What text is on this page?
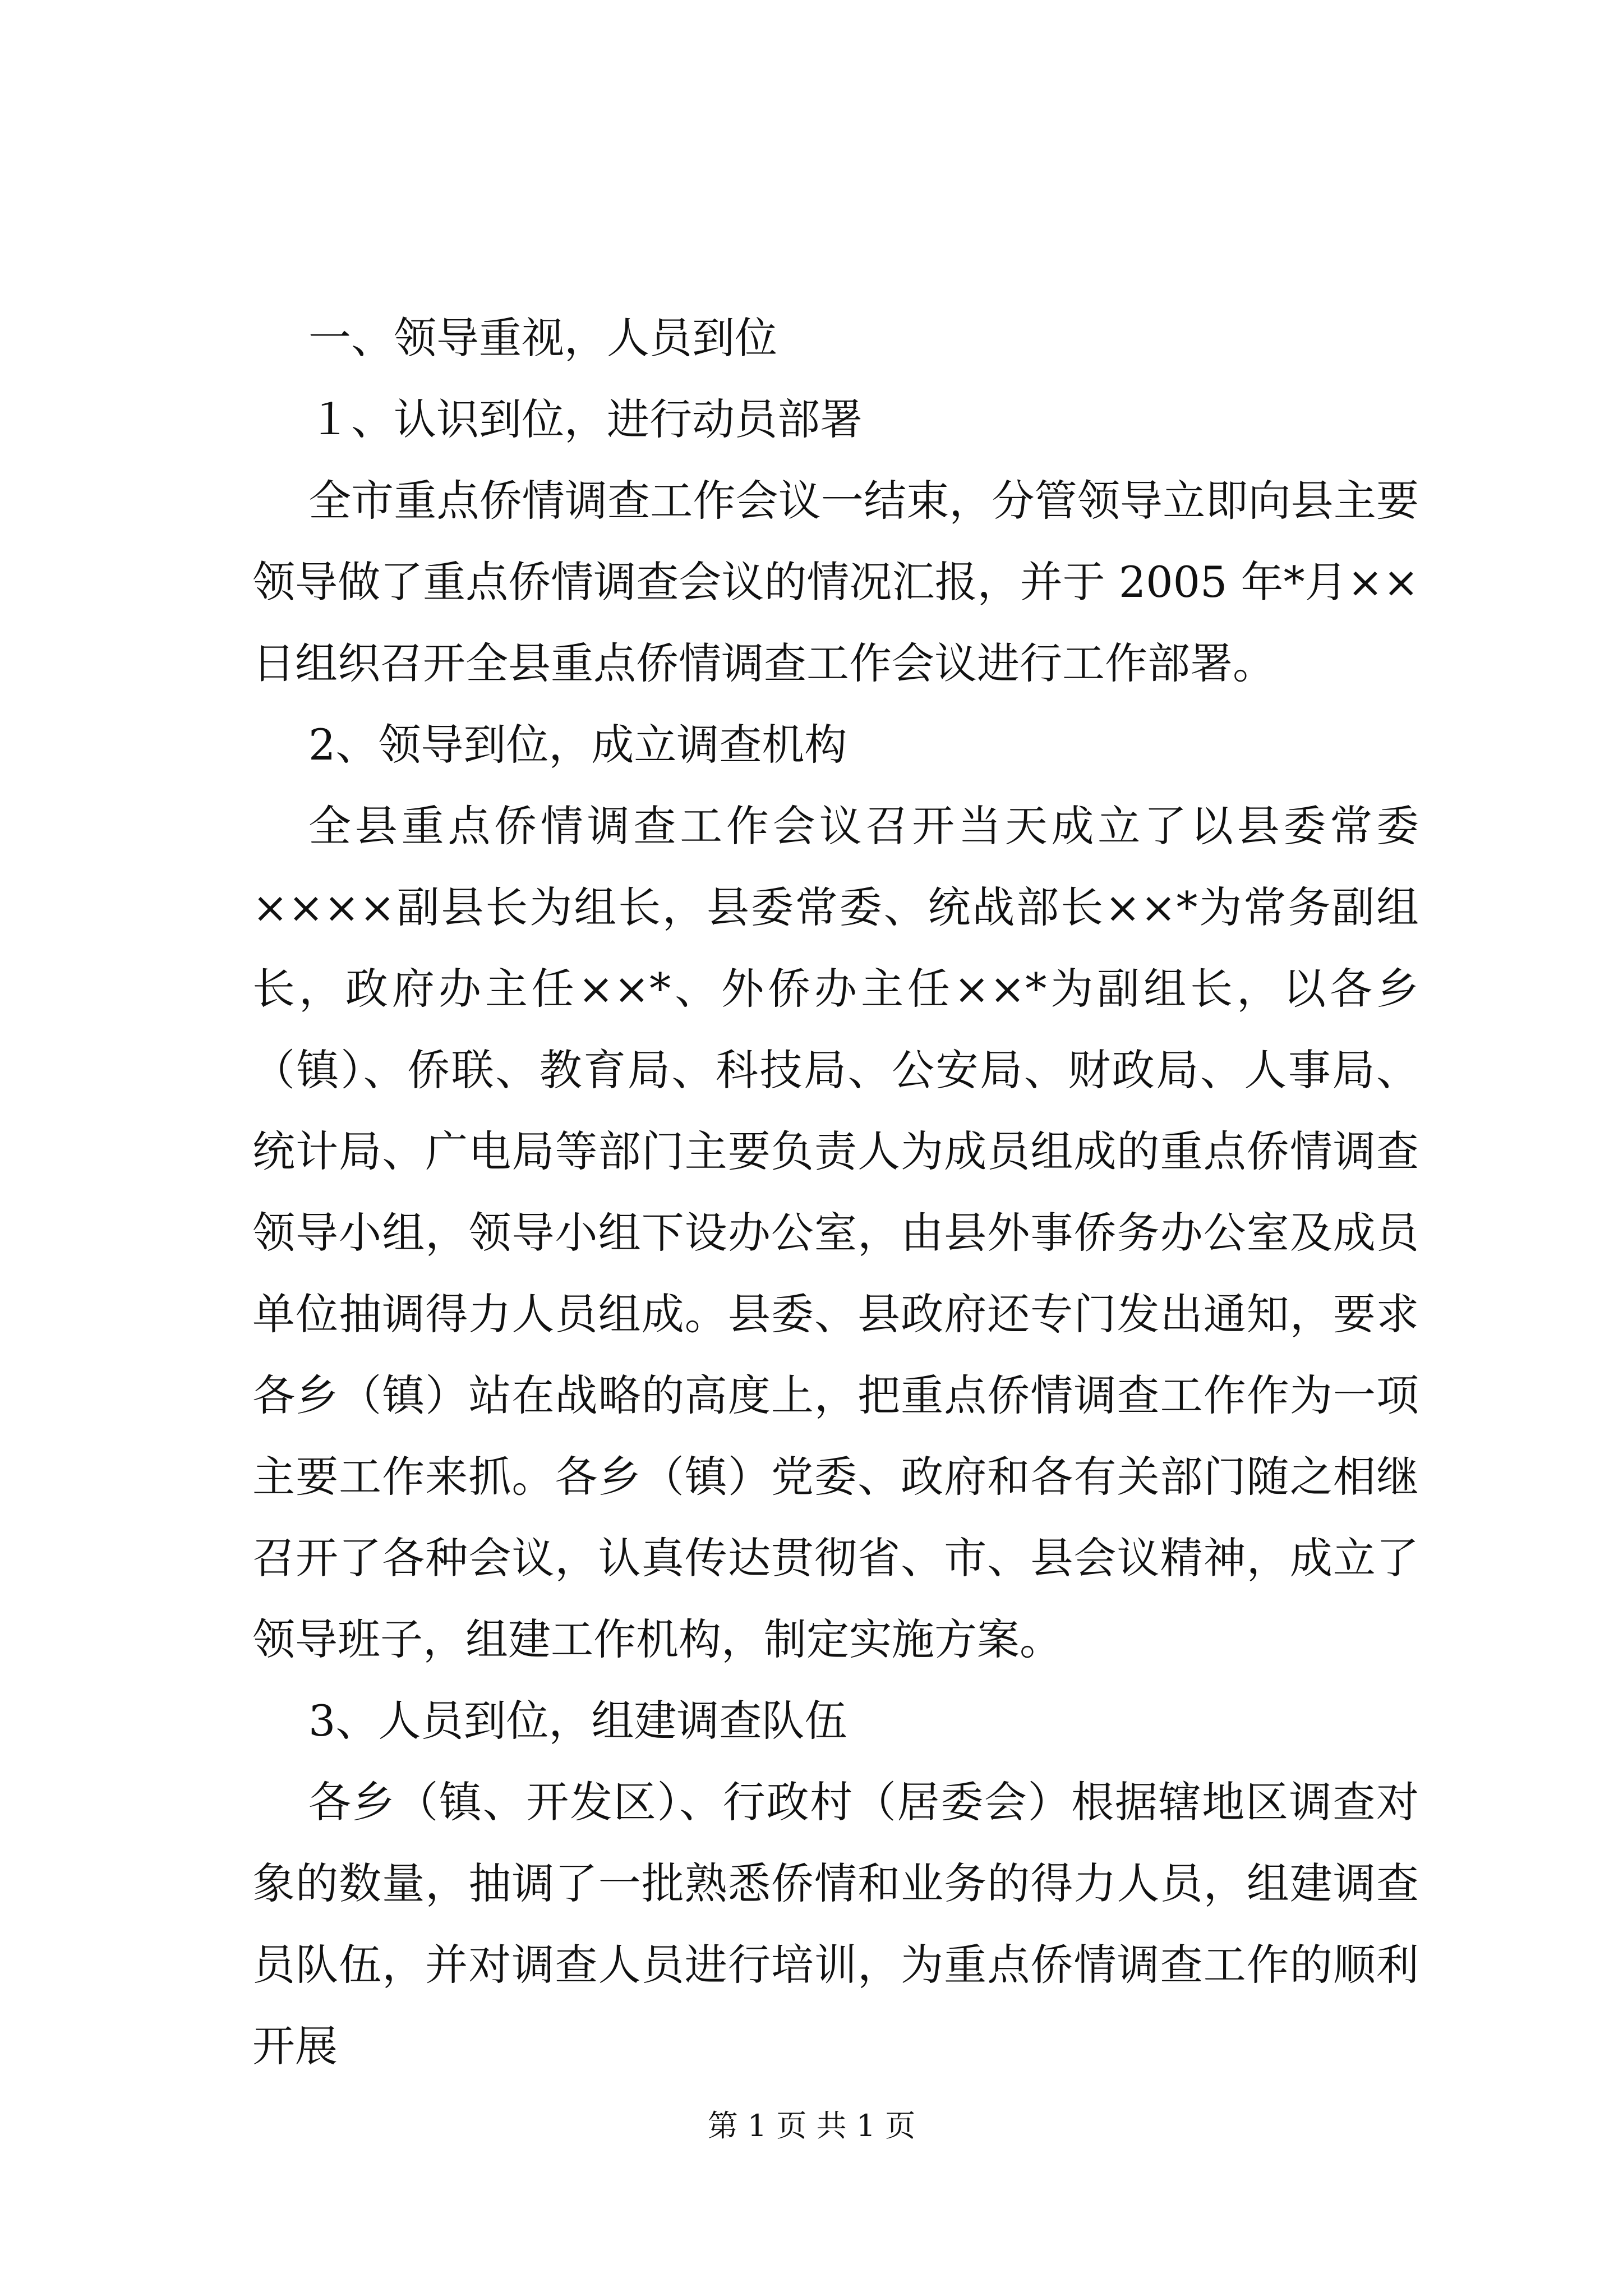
一、领导重视，人员到位

１、认识到位，进行动员部署

全市重点侨情调查工作会议一结束，分管领导立即向县主要领导做了重点侨情调查会议的情况汇报，并于 2005 年*月××日组织召开全县重点侨情调查工作会议进行工作部署。

2、领导到位，成立调查机构

全县重点侨情调查工作会议召开当天成立了以县委常委××××副县长为组长，县委常委、统战部长××*为常务副组长，政府办主任××*、外侨办主任××*为副组长，以各乡（镇）、侨联、教育局、科技局、公安局、财政局、人事局、统计局、广电局等部门主要负责人为成员组成的重点侨情调查领导小组，领导小组下设办公室，由县外事侨务办公室及成员单位抽调得力人员组成。县委、县政府还专门发出通知，要求各乡（镇）站在战略的高度上，把重点侨情调查工作作为一项主要工作来抓。各乡（镇）党委、政府和各有关部门随之相继召开了各种会议，认真传达贯彻省、市、县会议精神，成立了领导班子，组建工作机构，制定实施方案。

3、人员到位，组建调查队伍

各乡（镇、开发区）、行政村（居委会）根据辖地区调查对象的数量，抽调了一批熟悉侨情和业务的得力人员，组建调查员队伍，并对调查人员进行培训，为重点侨情调查工作的顺利开展

第 1 页 共 1 页
